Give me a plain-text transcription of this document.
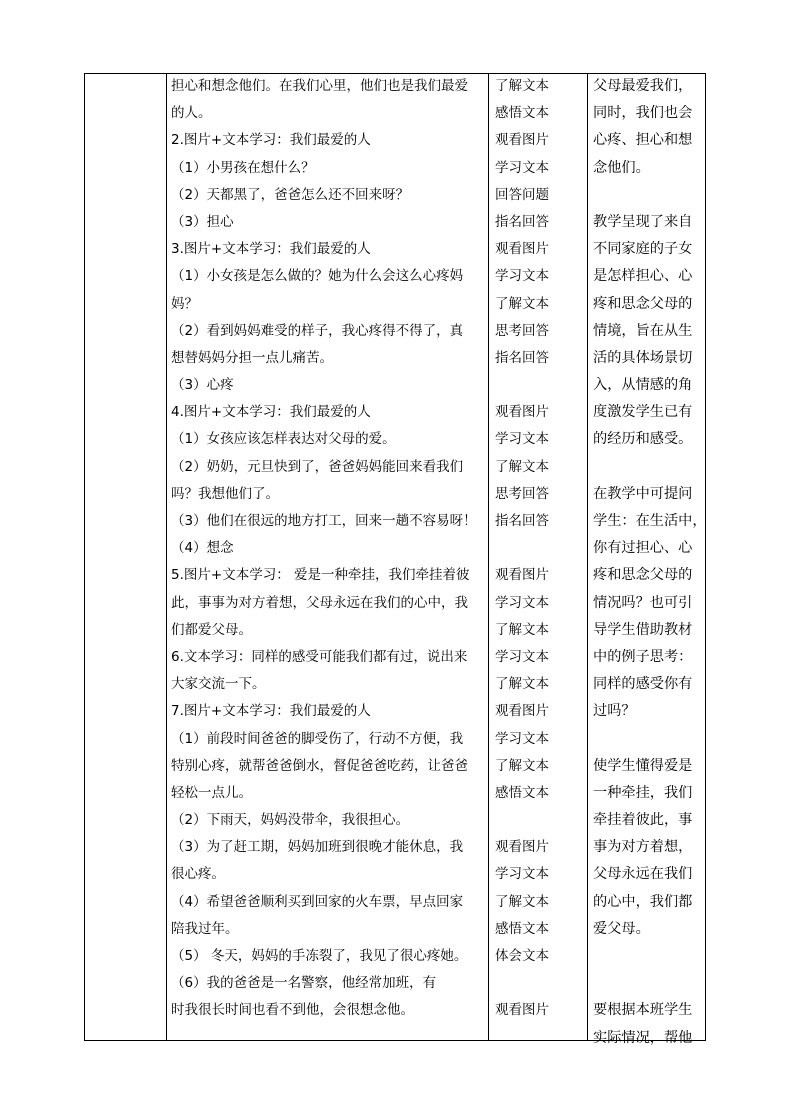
担心和想念他们。在我们心里，他们也是我们最爱
的人。
2.图片+文本学习：我们最爱的人
（1）小男孩在想什么？
（2）天都黑了，爸爸怎么还不回来呀？
（3）担心
3.图片+文本学习：我们最爱的人
（1）小女孩是怎么做的？她为什么会这么心疼妈
妈？
（2）看到妈妈难受的样子，我心疼得不得了，真
想替妈妈分担一点儿痛苦。
（3）心疼
4.图片+文本学习：我们最爱的人
（1）女孩应该怎样表达对父母的爱。
（2）奶奶，元旦快到了，爸爸妈妈能回来看我们
吗？我想他们了。
（3）他们在很远的地方打工，回来一趟不容易呀！
（4）想念
5.图片+文本学习： 爱是一种牵挂，我们牵挂着彼
此，事事为对方着想，父母永远在我们的心中，我
们都爱父母。
6.文本学习：同样的感受可能我们都有过，说出来
大家交流一下。
7.图片+文本学习：我们最爱的人
（1）前段时间爸爸的脚受伤了，行动不方便，我
特别心疼，就帮爸爸倒水，督促爸爸吃药，让爸爸
轻松一点儿。
（2）下雨天，妈妈没带伞，我很担心。
（3）为了赶工期，妈妈加班到很晚才能休息，我
很心疼。
（4）希望爸爸顺利买到回家的火车票，早点回家
陪我过年。
（5） 冬天，妈妈的手冻裂了，我见了很心疼她。
（6）我的爸爸是一名警察，他经常加班，有
时我很长时间也看不到他，会很想念他。
了解文本
感悟文本
观看图片
学习文本
回答问题
指名回答
观看图片
学习文本
了解文本
思考回答
指名回答
观看图片
学习文本
了解文本
思考回答
指名回答
观看图片
学习文本
了解文本
学习文本
了解文本
观看图片
学习文本
了解文本
感悟文本
观看图片
学习文本
了解文本
感悟文本
体会文本
观看图片
父母最爱我们，
同时，我们也会
心疼、担心和想
念他们。
教学呈现了来自
不同家庭的子女
是怎样担心、心
疼和思念父母的
情境，旨在从生
活的具体场景切
入，从情感的角
度激发学生已有
的经历和感受。
在教学中可提问
学生：在生活中，
你有过担心、心
疼和思念父母的
情况吗？也可引
导学生借助教材
中的例子思考：
同样的感受你有
过吗？
使学生懂得爱是
一种牵挂，我们
牵挂着彼此，事
事为对方着想，
父母永远在我们
的心中，我们都
爱父母。
要根据本班学生
实际情况，帮他
